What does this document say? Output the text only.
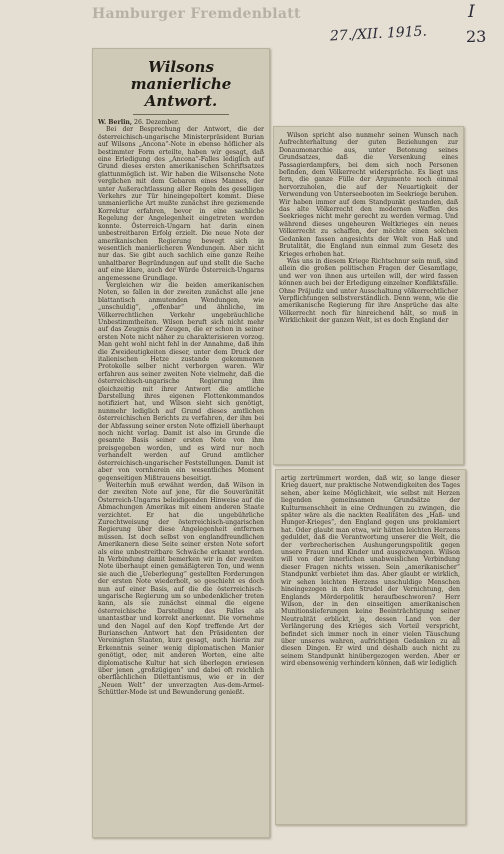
Hamburger Fremdenblatt	I
27./XII. 1915. 23
Wilsons
manierliche Antwort.
W. Berlin, 26. Dezember.

Bei der Besprechung der Antwort, die der österreichisch-ungarische Ministerpräsident Burian auf Wilsons „Ancona“-Note in ebenso höflicher als bestimmter Form erteilte, haben wir gesagt, daß eine Erledigung des „Ancona“-Falles lediglich auf Grund dieses ersten amerikanischen Schriftsatzes glattunmöglich ist. Wir haben die Wilsonsche Note verglichen mit dem Gebaren eines Mannes, der unter Außerachtlassung aller Regeln des geselligen Verkehrs zur Tür hineingepoltert kommt. Diese unmanierliche Art mußte zunächst ihre geziemende Korrektur erfahren, bevor in eine sachliche Regelung der Angelegenheit eingetreten werden konnte. Österreich-Ungarn hat darin einen unbestreitbaren Erfolg erzielt. Die neue Note der amerikanischen Regierung bewegt sich in wesentlich manierlicheren Wendungen. Aber nicht nur das. Sie gibt auch sachlich eine ganze Reihe unhaltbarer Begründungen auf und stellt die Sache auf eine klare, auch der Würde Österreich-Ungarns angemessene Grundlage.

Vergleichen wir die beiden amerikanischen Noten, so fallen in der zweiten zunächst alle jene blattantisch anmutenden Wendungen, wie „unschuldig“, „offenbar“ und ähnliche, im Völkerrechtlichen Verkehr ungebräuchliche Unbestimmtheiten. Wilson beruft sich nicht mehr auf das Zeugnis der Zeugen, die er schon in seiner ersten Note nicht näher zu charakterisieren vorzog. Man geht wohl nicht fehl in der Annahme, daß ihm die Zweideutigkeiten dieser, unter dem Druck der italienischen Hetze zustande gekommenen Protokolle selber nicht verborgen waren. Wir erfahren aus seiner zweiten Note vielmehr, daß die österreichisch-ungarische Regierung ihm gleichzeitig mit ihrer Antwort die amtliche Darstellung ihres eigenen Flottenkommandos notifiziert hat, und Wilson sieht sich genötigt, nunmehr lediglich auf Grund dieses amtlichen österreichischen Berichts zu verfahren, der ihm bei der Abfassung seiner ersten Note offiziell überhaupt noch nicht vorlag. Damit ist also im Grunde die gesamte Basis seiner ersten Note von ihm preisgegeben worden, und es wird nur noch verhandelt werden auf Grund amtlicher österreichisch-ungarischer Feststellungen. Damit ist aber von vornherein ein wesentliches Moment gegenseitigen Mißtrauens beseitigt.

Weiterhin muß erwähnt werden, daß Wilson in der zweiten Note auf jene, für die Souveränität Österreich-Ungarns beleidigenden Hinweise auf die Abmachungen Amerikas mit einem anderen Staate verzichtet. Er hat die ungebührliche Zurechtweisung der österreichisch-ungarischen Regierung über diese Angelegenheit entfernen müssen. Ist doch selbst von englandfreundlichen Amerikanern diese Seite seiner ersten Note sofort als eine unbestreitbare Schwäche erkannt worden. In Verbindung damit bemerken wir in der zweiten Note überhaupt einen gemäßigteren Ton, und wenn sie auch die „Ueberlegung“ gestellten Forderungen der ersten Note wiederholt, so geschieht es doch nun auf einer Basis, auf die die österreichisch-ungarische Regierung um so unbedenklicher treten kann, als sie zunächst einmal die eigene österreichische Darstellung des Falles als unantastbar und korrekt anerkennt. Die vornehme und den Nagel auf den Kopf treffende Art der Burianschen Antwort hat den Präsidenten der Vereinigten Staaten, kurz gesagt, auch hierin zur Erkenntnis seiner wenig diplomatischen Manier genötigt, oder, mit anderen Worten, eine alte diplomatische Kultur hat sich überlegen erwiesen über jenen „großzügigen“ und dabei oft reichlich oberflächlichen Dilettantismus, wie er in der „Neuen Welt“ der unverzagten Aus-dem-Armel-Schüttler-Mode ist und Bewunderung genießt.

Wilson spricht also nunmehr seinen Wunsch nach Aufrechterhaltung der guten Beziehungen zur Donaumonarchie aus, unter Betonung seines Grundsatzes, daß die Versenkung eines Passagierdampfers, bei dem sich noch Personen befinden, dem Völkerrecht widerspräche. Es liegt uns fern, die ganze Fülle der Argumente noch einmal hervorzuholen, die auf der Neuartigkeit der Verwendung von Unterseebooten im Seekriege beruhen. Wir haben immer auf dem Standpunkt gestanden, daß das alte Völkerrecht den modernen Waffen des Seekrieges nicht mehr gerecht zu werden vermag. Und während dieses ungeheuren Weltkrieges ein neues Völkerrecht zu schaffen, der möchte einen solchen Gedanken fassen angesichts der Welt von Haß und Brutalität, die England nun einmal zum Gesetz des Krieges erhoben hat.

Was uns in diesem Kriege Richtschnur sein muß, sind allein die großen politischen Fragen der Gesamtlage, und wer von ihnen aus urteilen will, der wird fassen können auch bei der Erledigung einzelner Konfliktsfälle. Ohne Präjudiz und unter Ausschaltung völkerrechtlicher Verpflichtungen selbstverständlich. Denn wenn, wie die amerikanische Regierung für ihre Ansprüche das alte Völkerrecht noch für hinreichend hält, so muß in Wirklichkeit der ganzen Welt, ist es doch England der

artig zertrümmert worden, daß wir, so lange dieser Krieg dauert, nur praktische Notwendigkeiten des Tages sehen, aber keine Möglichkeit, wie selbst mit Herzen liegenden gemeinsamen Grundsätze der Kulturmenschheit in eine Ordnungen zu zwingen, die später wäre als die nackten Realitäten des „Haß- und Hunger-Krieges“, den England gegen uns proklamiert hat. Oder glaubt man etwa, wir hätten leichten Herzens geduldet, daß die Verantwortung unserer die Welt, die der verbrecherischen Aushungerungspolitik gegen unsere Frauen und Kinder und ausgezwungen. Wilson will von der innerlichen unabweislichen Verbindung dieser Fragen nichts wissen. Sein „amerikanischer“ Standpunkt verbietet ihm das. Aber glaubt er wirklich, wir sehen leichten Herzens unschuldige Menschen hineingezogen in den Strudel der Vernichtung, den Englands Mörderpolitik heraufbeschworen? Herr Wilson, der in den einseitigen amerikanischen Munitionslieferungen keine Beeinträchtigung seiner Neutralität erblickt, ja, dessen Land von der Verlängerung des Krieges sich Vorteil verspricht, befindet sich immer noch in einer vielen Täuschung über unseres wahren, aufrichtigen Gedanken zu all diesen Dingen. Er wird und deshalb auch nicht zu seinem Standpunkt hinübergezogen werden. Aber er wird ebensowenig verhindern können, daß wir lediglich
